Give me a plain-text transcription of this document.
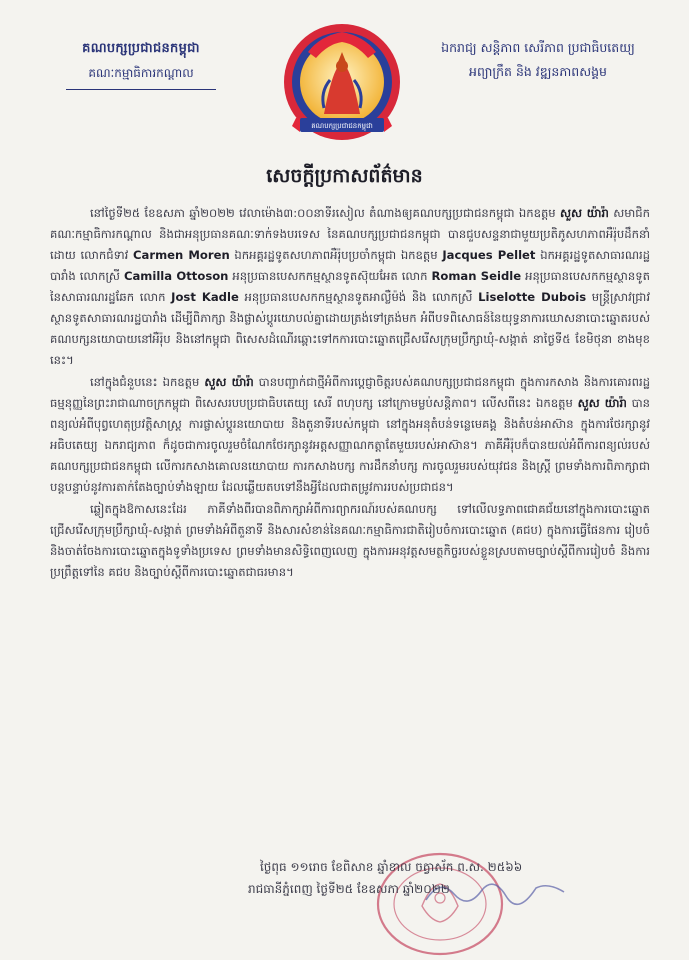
គណបក្សប្រជាជនកម្ពុជា
គណៈកម្មាធិការកណ្តាល
គណបក្សប្រជាជនកម្ពុជា
ឯករាជ្យ សន្តិភាព សេរីភាព ប្រជាធិបតេយ្យ
អព្យាក្រឹត និង វឌ្ឍនភាពសង្គម
សេចក្តីប្រកាសព័ត៌មាន

នៅថ្ងៃទី២៥ ខែឧសភា ឆ្នាំ២០២២ វេលាម៉ោង៣:០០នាទីរសៀល តំណាងឲ្យគណបក្សប្រជាជនកម្ពុជា ឯកឧត្តម សួស យ៉ារ៉ា សមាជិកគណៈកម្មាធិការកណ្តាល និងជាអនុប្រធានគណៈទាក់ទងបរទេស នៃគណបក្សប្រជាជនកម្ពុជា បានជួបសន្ទនាជាមួយប្រតិភូសហភាពអឺរ៉ុបដឹកនាំដោយ លោកជំទាវ Carmen Moren ឯកអគ្គរដ្ឋទូតសហភាពអឺរ៉ុបប្រចាំកម្ពុជា ឯកឧត្តម Jacques Pellet ឯកអគ្គរដ្ឋទូតសាធារណរដ្ឋបារាំង លោកស្រី Camilla Ottoson អនុប្រធានបេសកកម្មស្ថានទូតស៊ុយអែត លោក Roman Seidle អនុប្រធានបេសកកម្មស្ថានទូតនៃសាធារណរដ្ឋឆែក លោក Jost Kadle អនុប្រធានបេសកកម្មស្ថានទូតអាល្លឺម៉ង់ និង លោកស្រី Liselotte Dubois មន្ត្រីស្រាវជ្រាវស្ថានទូតសាធារណរដ្ឋបារាំង ដើម្បីពិភាក្សា និងផ្លាស់ប្តូរយោបល់គ្នាដោយត្រង់ទៅត្រង់មក អំពីបទពិសោធន៍នៃយុទ្ធនាការឃោសនាបោះឆ្នោតរបស់គណបក្សនយោបាយនៅអឺរ៉ុប និងនៅកម្ពុជា ពិសេសដំណើរឆ្ពោះទៅកការបោះឆ្នោតជ្រើសរើសក្រុមប្រឹក្សាឃុំ-សង្កាត់ នាថ្ងៃទី៥ ខែមិថុនា ខាងមុខនេះ។

នៅក្នុងជំនួបនេះ ឯកឧត្តម សួស យ៉ារ៉ា បានបញ្ជាក់ជាថ្មីអំពីការប្តេជ្ញាចិត្តរបស់គណបក្សប្រជាជនកម្ពុជា ក្នុងការកសាង និងការគោរពរដ្ឋធម្មនុញ្ញនៃព្រះរាជាណាចក្រកម្ពុជា ពិសេសរបបប្រជាធិបតេយ្យ សេរី ពហុបក្ស នៅក្រោមម្លប់សន្តិភាព។ លើសពីនេះ ឯកឧត្តម សួស យ៉ារ៉ា បានពន្យល់អំពីបុព្វហេតុប្រវត្តិសាស្ត្រ ការផ្លាស់ប្តូរនយោបាយ និងតួនាទីរបស់កម្ពុជា នៅក្នុងអនុតំបន់ទន្លេមេគង្គ និងតំបន់អាស៊ាន ក្នុងការថែរក្សានូវអធិបតេយ្យ ឯករាជ្យភាព ក៏ដូចជាការចូលរួមចំណែកថែរក្សានូវអត្តសញ្ញាណកត្តាតែមួយរបស់អាស៊ាន។ ភាគីអឺរ៉ុបក៏បានយល់អំពីការពន្យល់របស់គណបក្សប្រជាជនកម្ពុជា លើការកសាងគោលនយោបាយ ការកសាងបក្ស ការដឹកនាំបក្ស ការចូលរួមរបស់យុវជន និងស្ត្រី ព្រមទាំងការពិភាក្សាជាបន្តបន្ទាប់នូវការតាក់តែងច្បាប់ទាំងឡាយ ដែលឆ្លើយតបទៅនឹងអ្វីដែលជាតម្រូវការរបស់ប្រជាជន។

ឆ្លៀតក្នុងឱកាសនេះដែរ ភាគីទាំងពីរបានពិភាក្សាអំពីការព្យាករណ៍របស់គណបក្ស ទៅលើលទ្ធភាពជោគជ័យនៅក្នុងការបោះឆ្នោតជ្រើសរើសក្រុមប្រឹក្សាឃុំ-សង្កាត់ ព្រមទាំងអំពីតួនាទី និងសារសំខាន់នៃគណៈកម្មាធិការជាតិរៀបចំការបោះឆ្នោត (គជប) ក្នុងការធ្វើផែនការ រៀបចំ និងចាត់ចែងការបោះឆ្នោតក្នុងទូទាំងប្រទេស ព្រមទាំងមានសិទ្ធិពេញលេញ ក្នុងការអនុវត្តសមត្ថកិច្ចរបស់ខ្លួនស្របតាមច្បាប់ស្តីពីការរៀបចំ និងការប្រព្រឹត្តទៅនៃ គជប និងច្បាប់ស្តីពីការបោះឆ្នោតជាធរមាន។

ថ្ងៃពុធ ១១រោច ខែពិសាខ ឆ្នាំខាល ចត្វាស័ក ព.ស. ២៥៦៦
រាជធានីភ្នំពេញ ថ្ងៃទី២៥ ខែឧសភា ឆ្នាំ២០២២
